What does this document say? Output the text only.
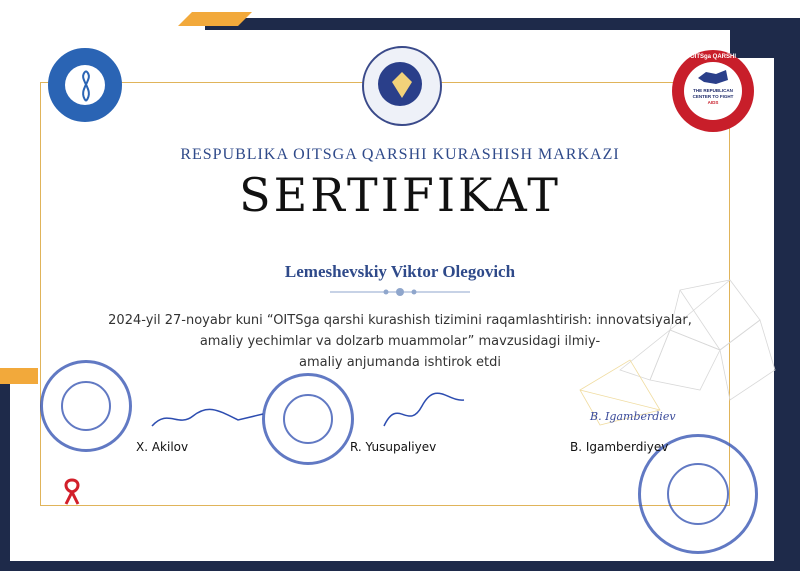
OITSga QARSHI
THE REPUBLICAN
CENTER TO FIGHT
AIDS
RESPUBLIKA OITSGA QARSHI KURASHISH MARKAZI
SERTIFIKAT
Lemeshevskiy Viktor Olegovich
2024-yil 27-noyabr kuni “OITSga qarshi kurashish tizimini raqamlashtirish: innovatsiyalar,
amaliy yechimlar va dolzarb muammolar” mavzusidagi ilmiy-
amaliy anjumanda ishtirok etdi
B. Igamberdiev
X. Akilov	R. Yusupaliyev	B. Igamberdiyev
